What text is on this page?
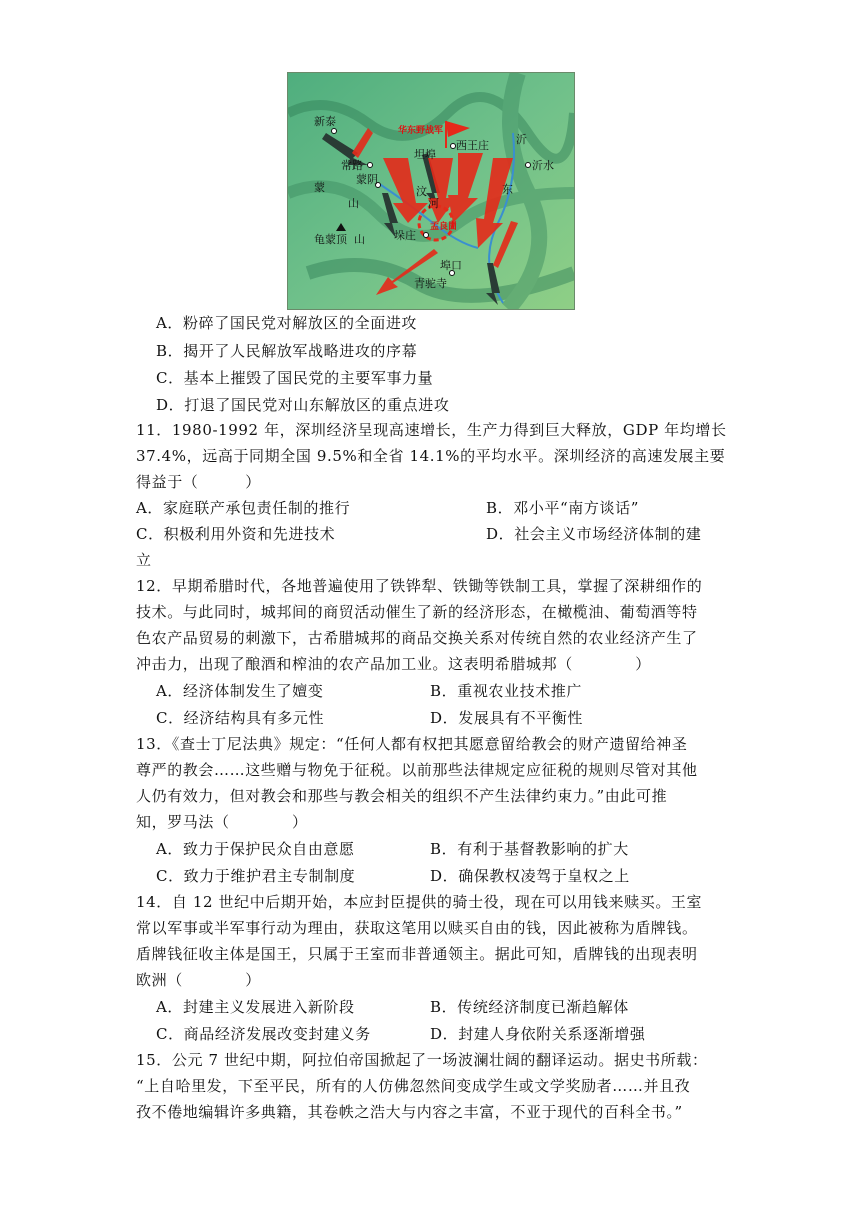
新泰
常路
蒙阴
坦埠
西王庄
沂水
蒙
山
汶
河
沂
东
龟蒙顶 山	垛庄
孟良崮
埠口
青驼寺
华东野战军
A．粉碎了国民党对解放区的全面进攻
B．揭开了人民解放军战略进攻的序幕
C．基本上摧毁了国民党的主要军事力量
D．打退了国民党对山东解放区的重点进攻
11．1980-1992 年，深圳经济呈现高速增长，生产力得到巨大释放，GDP 年均增长
37.4%，远高于同期全国 9.5%和全省 14.1%的平均水平。深圳经济的高速发展主要
得益于（　　　）
A．家庭联产承包责任制的推行	B．邓小平“南方谈话”
C．积极利用外资和先进技术	D．社会主义市场经济体制的建
立
12．早期希腊时代，各地普遍使用了铁铧犁、铁锄等铁制工具，掌握了深耕细作的
技术。与此同时，城邦间的商贸活动催生了新的经济形态，在橄榄油、葡萄酒等特
色农产品贸易的刺激下，古希腊城邦的商品交换关系对传统自然的农业经济产生了
冲击力，出现了酿酒和榨油的农产品加工业。这表明希腊城邦（　　　　）
A．经济体制发生了嬗变	B．重视农业技术推广
C．经济结构具有多元性	D．发展具有不平衡性
13．《查士丁尼法典》规定：“任何人都有权把其愿意留给教会的财产遗留给神圣
尊严的教会……这些赠与物免于征税。以前那些法律规定应征税的规则尽管对其他
人仍有效力，但对教会和那些与教会相关的组织不产生法律约束力。”由此可推
知，罗马法（　　　　）
A．致力于保护民众自由意愿	B．有利于基督教影响的扩大
C．致力于维护君主专制制度	D．确保教权凌驾于皇权之上
14．自 12 世纪中后期开始，本应封臣提供的骑士役，现在可以用钱来赎买。王室
常以军事或半军事行动为理由，获取这笔用以赎买自由的钱，因此被称为盾牌钱。
盾牌钱征收主体是国王，只属于王室而非普通领主。据此可知，盾牌钱的出现表明
欧洲（　　　　）
A．封建主义发展进入新阶段	B．传统经济制度已渐趋解体
C．商品经济发展改变封建义务	D．封建人身依附关系逐渐增强
15．公元 7 世纪中期，阿拉伯帝国掀起了一场波澜壮阔的翻译运动。据史书所载：
“上自哈里发，下至平民，所有的人仿佛忽然间变成学生或文学奖励者……并且孜
孜不倦地编辑许多典籍，其卷帙之浩大与内容之丰富，不亚于现代的百科全书。”
